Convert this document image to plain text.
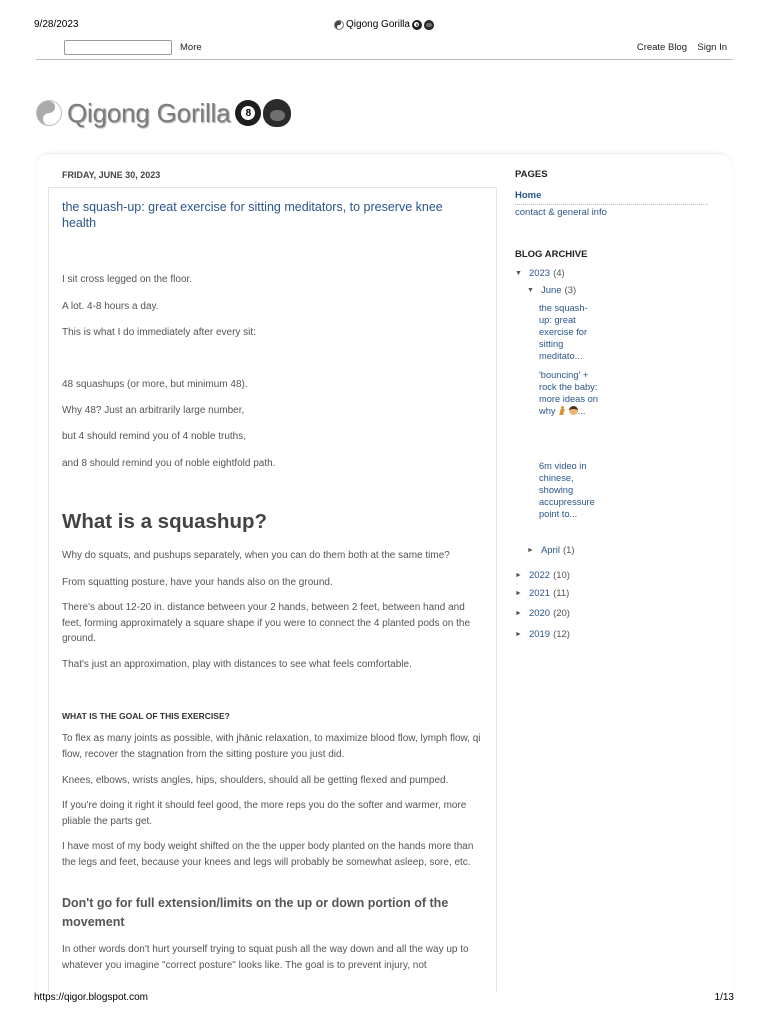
9/28/2023	Qigong Gorilla	8
https://qigor.blogspot.com	1/13
More	Create Blog Sign In
Qigong Gorilla	8
FRIDAY, JUNE 30, 2023
the squash-up: great exercise for sitting meditators, to preserve knee health
I sit cross legged on the floor.
A lot. 4-8 hours a day.
This is what I do immediately after every sit:
48 squashups (or more, but minimum 48).
Why 48? Just an arbitrarily large number,
but 4 should remind you of 4 noble truths,
and 8 should remind you of noble eightfold path.
What is a squashup?
Why do squats, and pushups separately, when you can do them both at the same time?
From squatting posture, have your hands also on the ground.
There's about 12-20 in. distance between your 2 hands, between 2 feet, between hand and feet, forming approximately a square shape if you were to connect the 4 planted pods on the ground.
That's just an approximation, play with distances to see what feels comfortable.
WHAT IS THE GOAL OF THIS EXERCISE?
To flex as many joints as possible, with jhānic relaxation, to maximize blood flow, lymph flow, qi flow, recover the stagnation from the sitting posture you just did.
Knees, elbows, wrists angles, hips, shoulders, should all be getting flexed and pumped.
If you're doing it right it should feel good, the more reps you do the softer and warmer, more pliable the parts get.
I have most of my body weight shifted on the the upper body planted on the hands more than the legs and feet, because your knees and legs will probably be somewhat asleep, sore, etc.
Don't go for full extension/limits on the up or down portion of the movement
In other words don't hurt yourself trying to squat push all the way down and all the way up to whatever you imagine "correct posture" looks like. The goal is to prevent injury, not
PAGES
Home
contact & general info
BLOG ARCHIVE
▼ 2023 (4)
▼ June (3)
the squash-up: great exercise for sitting meditato...
'bouncing' + rock the baby: more ideas on why ...
6m video in chinese, showing accupressure point to...
► April (1)
► 2022 (10)
► 2021 (11)
► 2020 (20)
► 2019 (12)
